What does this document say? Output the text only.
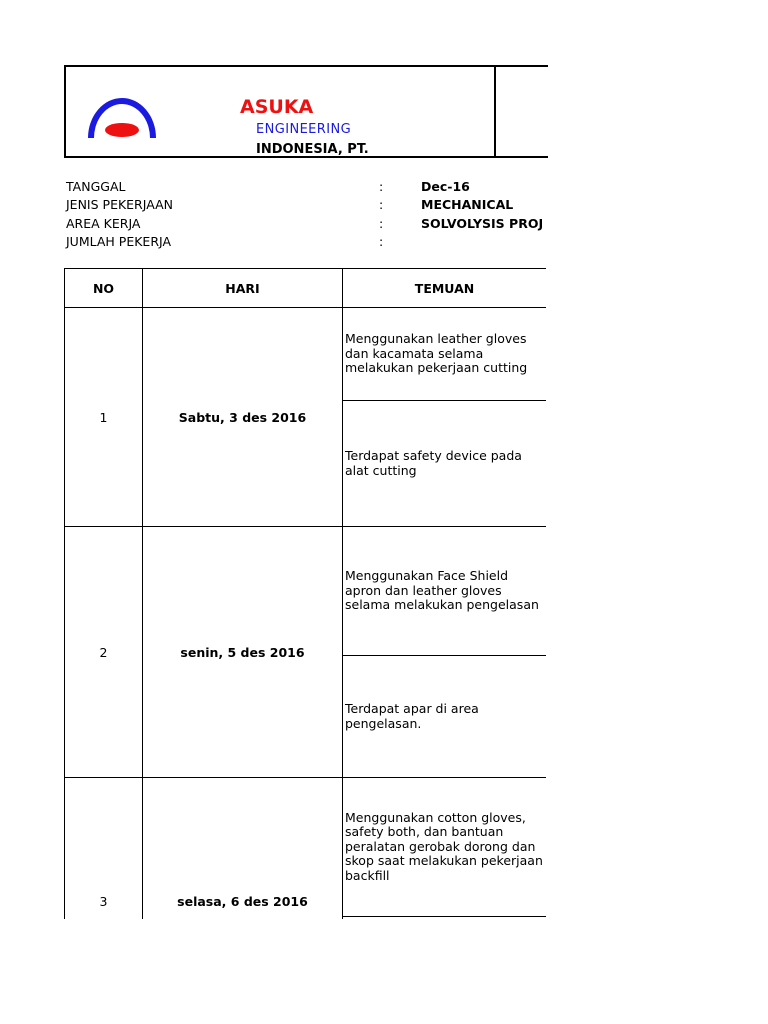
ASUKA
ENGINEERING
INDONESIA, PT.
TANGGAL	:	Dec-16
JENIS PEKERJAAN	:	MECHANICAL
AREA KERJA	:	SOLVOLYSIS PROJ
JUMLAH PEKERJA	:
NO	HARI	TEMUAN
1	Sabtu, 3 des 2016	Menggunakan leather gloves dan kacamata selama melakukan pekerjaan cutting
		Terdapat safety device pada alat cutting
2	senin, 5 des 2016	Menggunakan Face Shield apron dan leather gloves selama melakukan pengelasan
		Terdapat apar di area pengelasan.
3	selasa, 6 des 2016	Menggunakan cotton gloves, safety both, dan bantuan peralatan gerobak dorong dan skop saat melakukan pekerjaan backfill
